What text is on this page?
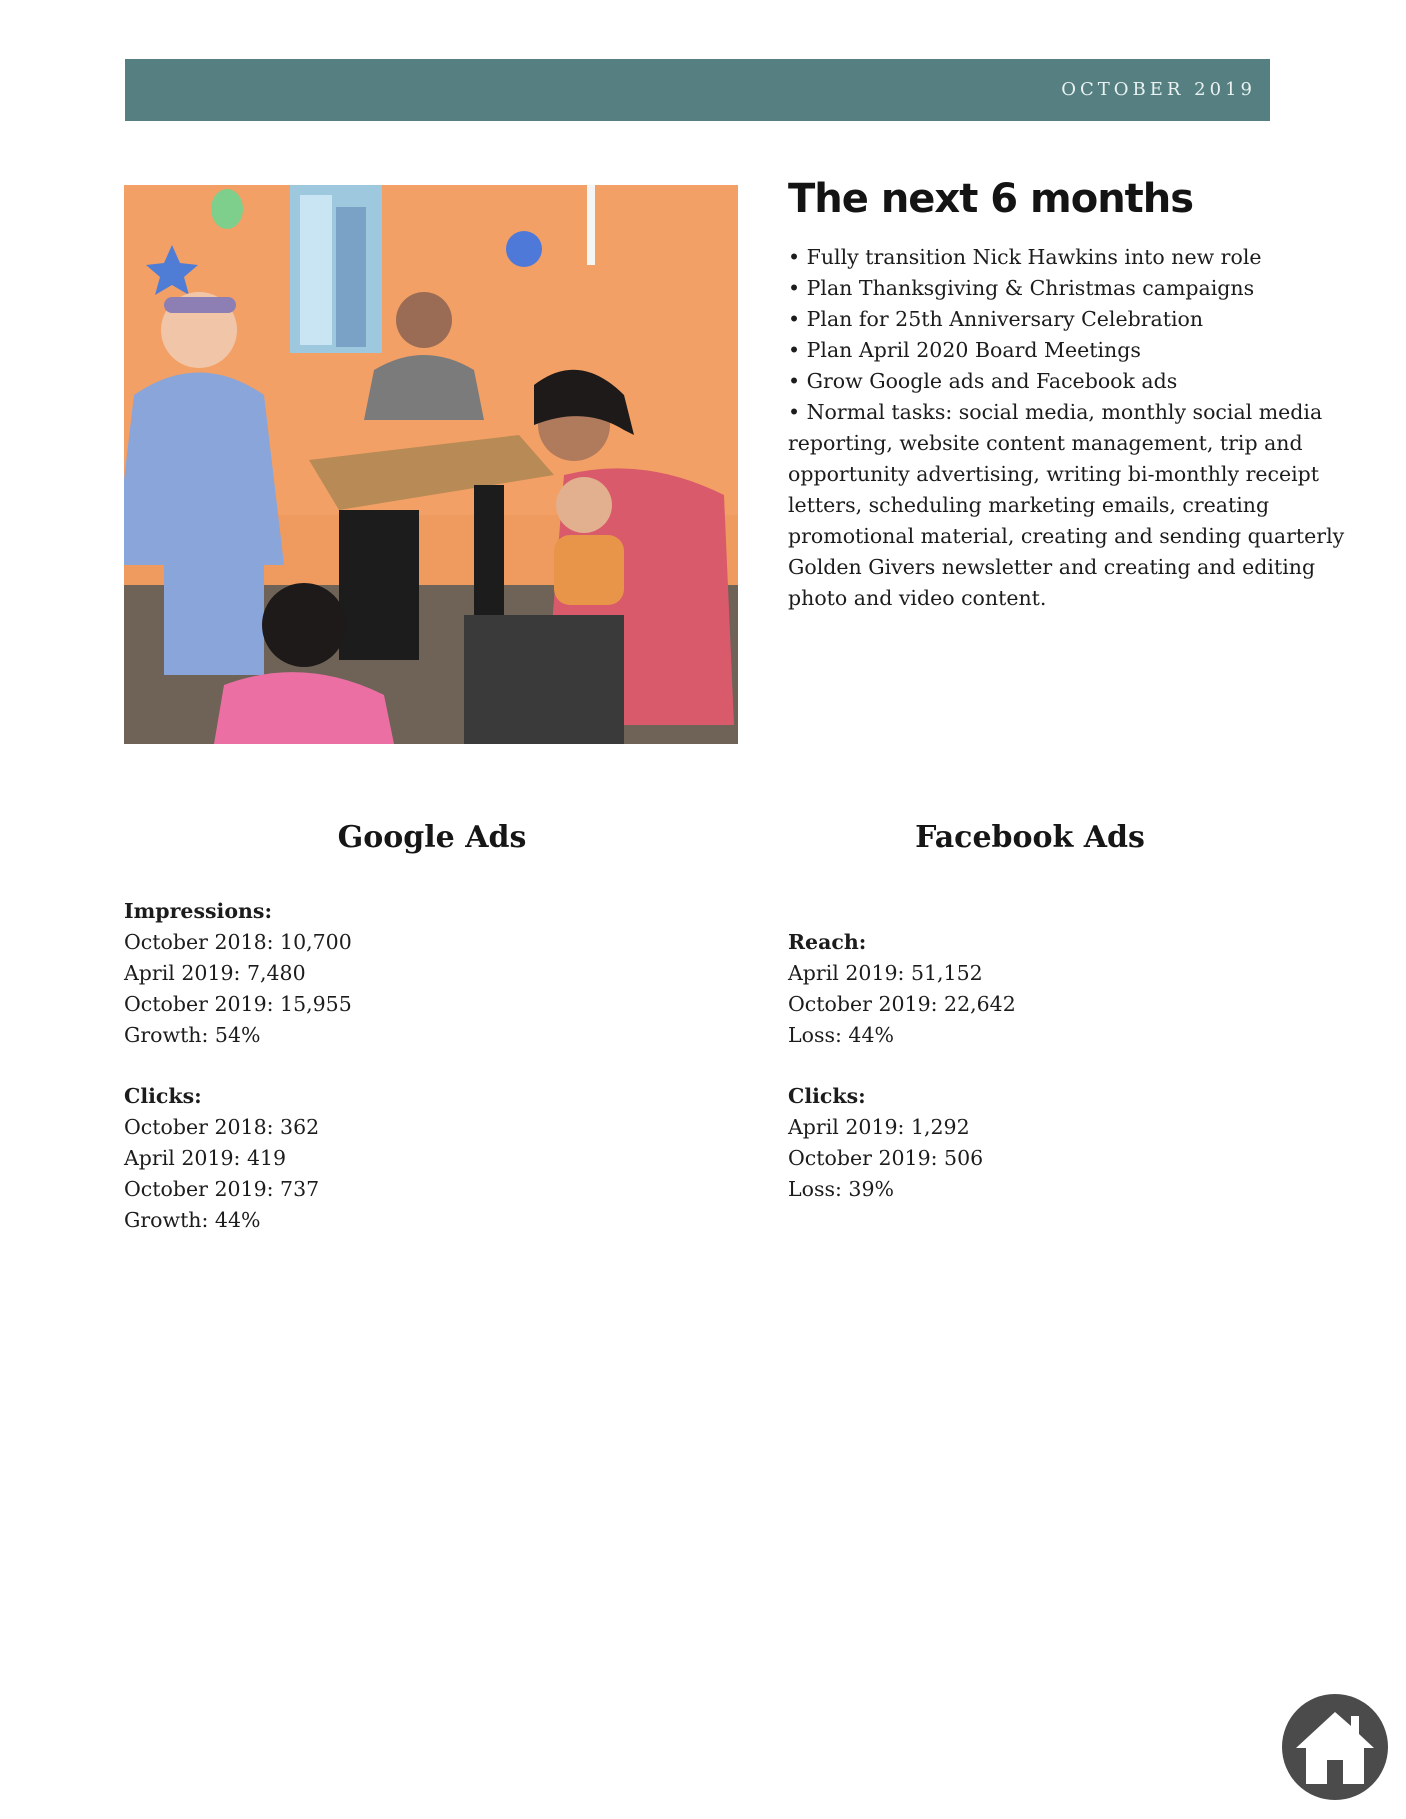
OCTOBER 2019
The next 6 months
• Fully transition Nick Hawkins into new role
• Plan Thanksgiving & Christmas campaigns
• Plan for 25th Anniversary Celebration
• Plan April 2020 Board Meetings
• Grow Google ads and Facebook ads
• Normal tasks: social media, monthly social media reporting, website content management, trip and opportunity advertising, writing bi-monthly receipt letters, scheduling marketing emails, creating promotional material, creating and sending quarterly Golden Givers newsletter and creating and editing photo and video content.
Google Ads
Impressions:
October 2018: 10,700
April 2019: 7,480
October 2019: 15,955
Growth: 54%
Clicks:
October 2018: 362
April 2019: 419
October 2019: 737
Growth: 44%
Facebook Ads
Reach:
April 2019: 51,152
October 2019: 22,642
Loss: 44%
Clicks:
April 2019: 1,292
October 2019: 506
Loss: 39%
